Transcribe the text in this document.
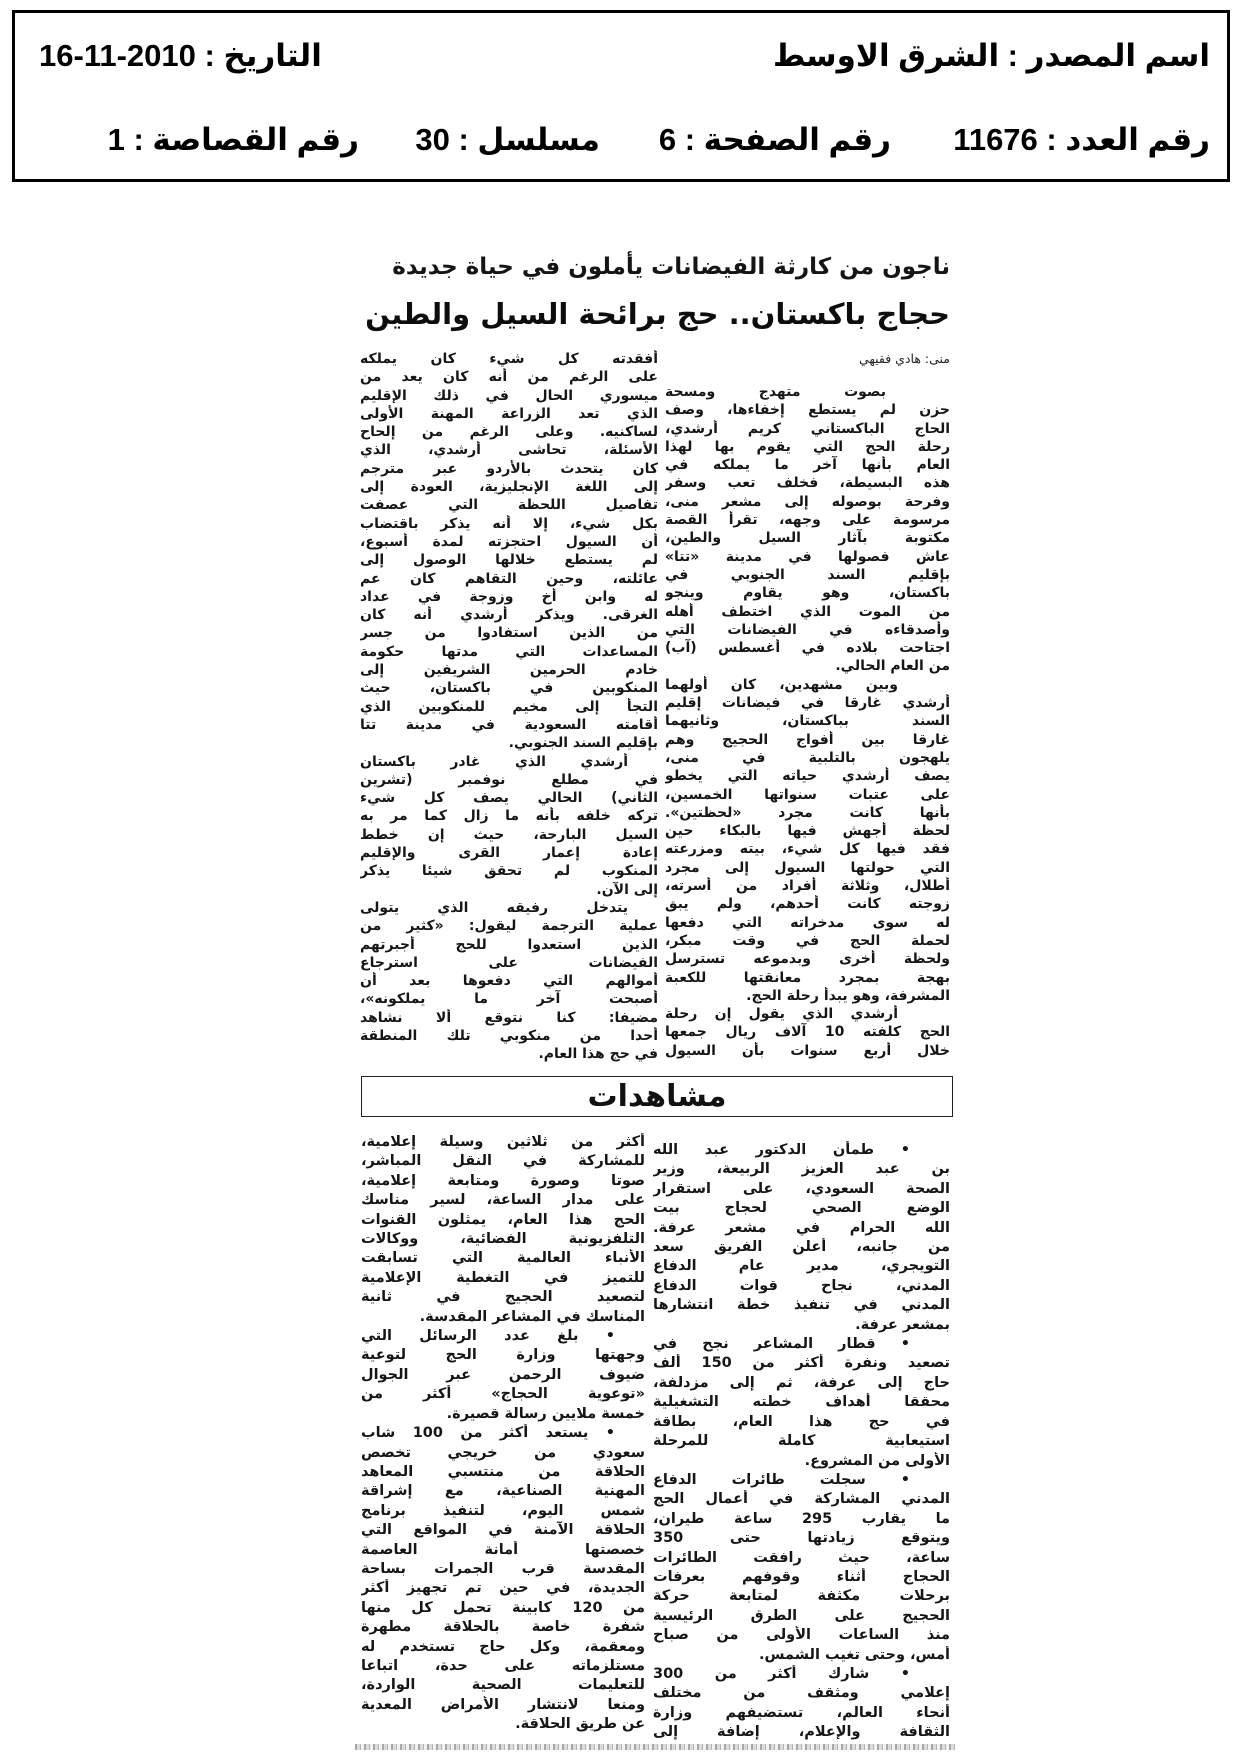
اسم المصدر : الشرق الاوسط
التاريخ : 2010-11-16
رقم العدد : 11676
رقم الصفحة : 6
مسلسل : 30
رقم القصاصة : 1
ناجون من كارثة الفيضانات يأملون في حياة جديدة
حجاج باكستان.. حج برائحة السيل والطين
منى: هادي فقيهي
بصوت متهدج ومسحة
حزن لم يستطع إخفاءها، وصف
الحاج الباكستاني كريم أرشدي،
رحلة الحج التي يقوم بها لهذا
العام بأنها آخر ما يملكه في
هذه البسيطة، فخلف تعب وسفر
وفرحة بوصوله إلى مشعر منى،
مرسومة على وجهه، تقرأ القصة
مكتوبة بآثار السيل والطين،
عاش فصولها في مدينة «تتا»
بإقليم السند الجنوبي في
باكستان، وهو يقاوم وينجو
من الموت الذي اختطف أهله
وأصدقاءه في الفيضانات التي
اجتاحت بلاده في أغسطس (آب)
من العام الحالي.
وبين مشهدين، كان أولهما
أرشدي غارقا في فيضانات إقليم
السند بباكستان، وثانيهما
غارقا بين أفواج الحجيج وهم
يلهجون بالتلبية في منى،
يصف أرشدي حياته التي يخطو
على عتبات سنواتها الخمسين،
بأنها كانت مجرد «لحظتين».
لحظة أجهش فيها بالبكاء حين
فقد فيها كل شيء، بيته ومزرعته
التي حولتها السيول إلى مجرد
أطلال، وثلاثة أفراد من أسرته،
زوجته كانت أحدهم، ولم يبق
له سوى مدخراته التي دفعها
لحملة الحج في وقت مبكر،
ولحظة أخرى وبدموعه تسترسل
بهجة بمجرد معانقتها للكعبة
المشرفة، وهو يبدأ رحلة الحج.
أرشدي الذي يقول إن رحلة
الحج كلفته 10 آلاف ريال جمعها
خلال أربع سنوات بأن السيول
أفقدته كل شيء كان يملكه
على الرغم من أنه كان يعد من
ميسوري الحال في ذلك الإقليم
الذي تعد الزراعة المهنة الأولى
لساكنيه. وعلى الرغم من إلحاح
الأسئلة، تحاشى أرشدي، الذي
كان يتحدث بالأردو عبر مترجم
إلى اللغة الإنجليزية، العودة إلى
تفاصيل اللحظة التي عصفت
بكل شيء، إلا أنه يذكر باقتضاب
أن السيول احتجزته لمدة أسبوع،
لم يستطع خلالها الوصول إلى
عائلته، وحين التقاهم كان عم
له وابن أخ وزوجة في عداد
الغرقى. ويذكر أرشدي أنه كان
من الذين استفادوا من جسر
المساعدات التي مدتها حكومة
خادم الحرمين الشريفين إلى
المنكوبين في باكستان، حيث
التجأ إلى مخيم للمنكوبين الذي
أقامته السعودية في مدينة تتا
بإقليم السند الجنوبي.
أرشدي الذي غادر باكستان
في مطلع نوفمبر (تشرين
الثاني) الحالي يصف كل شيء
تركه خلفه بأنه ما زال كما مر به
السيل البارحة، حيث إن خطط
إعادة إعمار القرى والإقليم
المنكوب لم تحقق شيئا يذكر
إلى الآن.
يتدخل رفيقه الذي يتولى
عملية الترجمة ليقول: «كثير من
الذين استعدوا للحج أجبرتهم
الفيضانات على استرجاع
أموالهم التي دفعوها بعد أن
أصبحت آخر ما يملكونه»،
مضيفا: كنا نتوقع ألا نشاهد
أحدا من منكوبي تلك المنطقة
في حج هذا العام.
مشاهدات
• طمأن الدكتور عبد الله
بن عبد العزيز الربيعة، وزير
الصحة السعودي، على استقرار
الوضع الصحي لحجاج بيت
الله الحرام في مشعر عرفة.
من جانبه، أعلن الفريق سعد
التويجري، مدير عام الدفاع
المدني، نجاح قوات الدفاع
المدني في تنفيذ خطة انتشارها
بمشعر عرفة.
• قطار المشاعر نجح في
تصعيد ونفرة أكثر من 150 ألف
حاج إلى عرفة، ثم إلى مزدلفة،
محققا أهداف خطته التشغيلية
في حج هذا العام، بطاقة
استيعابية كاملة للمرحلة
الأولى من المشروع.
• سجلت طائرات الدفاع
المدني المشاركة في أعمال الحج
ما يقارب 295 ساعة طيران،
ويتوقع زيادتها حتى 350
ساعة، حيث رافقت الطائرات
الحجاج أثناء وقوفهم بعرفات
برحلات مكثفة لمتابعة حركة
الحجيج على الطرق الرئيسية
منذ الساعات الأولى من صباح
أمس، وحتى تغيب الشمس.
• شارك أكثر من 300
إعلامي ومثقف من مختلف
أنحاء العالم، تستضيفهم وزارة
الثقافة والإعلام، إضافة إلى
أكثر من ثلاثين وسيلة إعلامية،
للمشاركة في النقل المباشر،
صوتا وصورة ومتابعة إعلامية،
على مدار الساعة، لسير مناسك
الحج هذا العام، يمثلون القنوات
التلفزيونية الفضائية، ووكالات
الأنباء العالمية التي تسابقت
للتميز في التغطية الإعلامية
لتصعيد الحجيج في ثانية
المناسك في المشاعر المقدسة.
• بلغ عدد الرسائل التي
وجهتها وزارة الحج لتوعية
ضيوف الرحمن عبر الجوال
«توعوية الحجاج» أكثر من
خمسة ملايين رسالة قصيرة.
• يستعد أكثر من 100 شاب
سعودي من خريجي تخصص
الحلاقة من منتسبي المعاهد
المهنية الصناعية، مع إشراقة
شمس اليوم، لتنفيذ برنامج
الحلاقة الآمنة في المواقع التي
خصصتها أمانة العاصمة
المقدسة قرب الجمرات بساحة
الجديدة، في حين تم تجهيز أكثر
من 120 كابينة تحمل كل منها
شفرة خاصة بالحلاقة مطهرة
ومعقمة، وكل حاج تستخدم له
مستلزماته على حدة، اتباعا
للتعليمات الصحية الواردة،
ومنعا لانتشار الأمراض المعدية
عن طريق الحلاقة.
